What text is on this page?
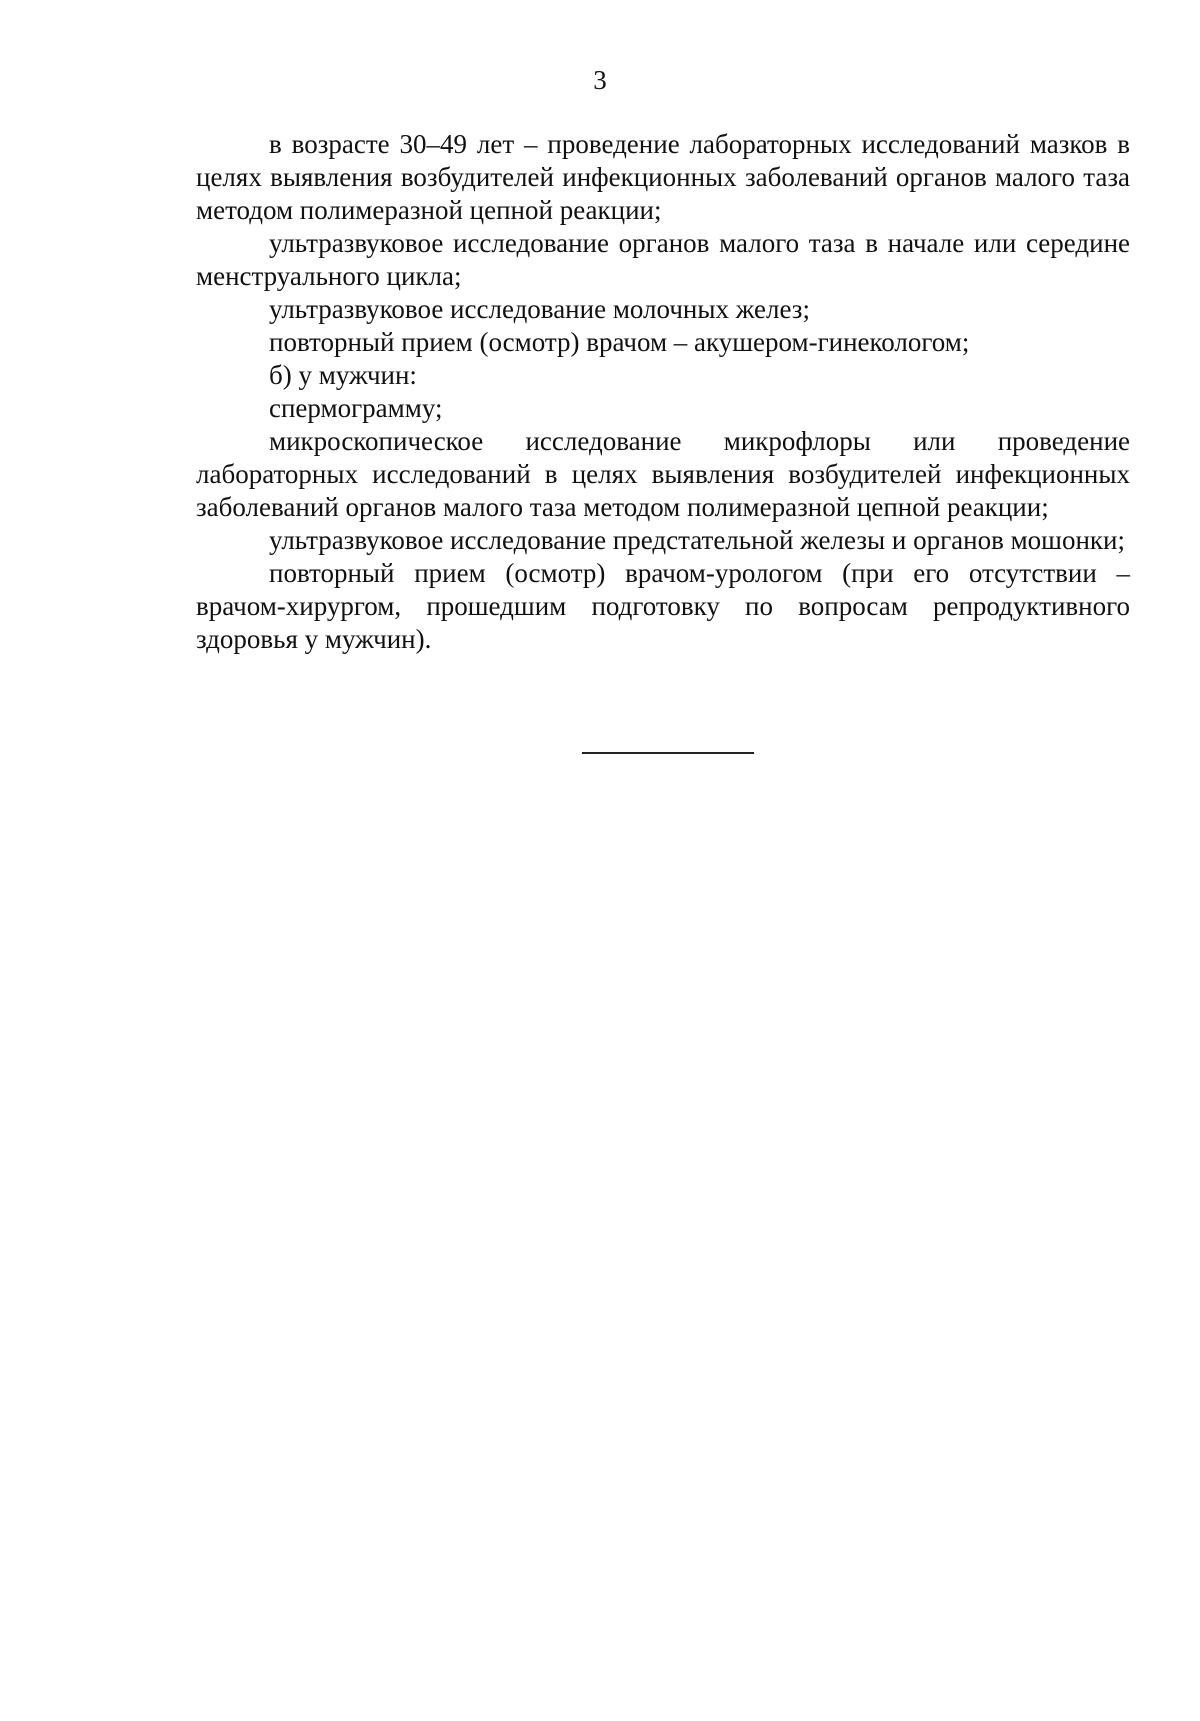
3

в возрасте 30–49 лет – проведение лабораторных исследований мазков в целях выявления возбудителей инфекционных заболеваний органов малого таза методом полимеразной цепной реакции;

ультразвуковое исследование органов малого таза в начале или середине менструального цикла;

ультразвуковое исследование молочных желез;

повторный прием (осмотр) врачом – акушером-гинекологом;

б) у мужчин:

спермограмму;

микроскопическое исследование микрофлоры или проведение лабораторных исследований в целях выявления возбудителей инфекционных заболеваний органов малого таза методом полимеразной цепной реакции;

ультразвуковое исследование предстательной железы и органов мошонки;

повторный прием (осмотр) врачом-урологом (при его отсутствии – врачом-хирургом, прошедшим подготовку по вопросам репродуктивного здоровья у мужчин).
